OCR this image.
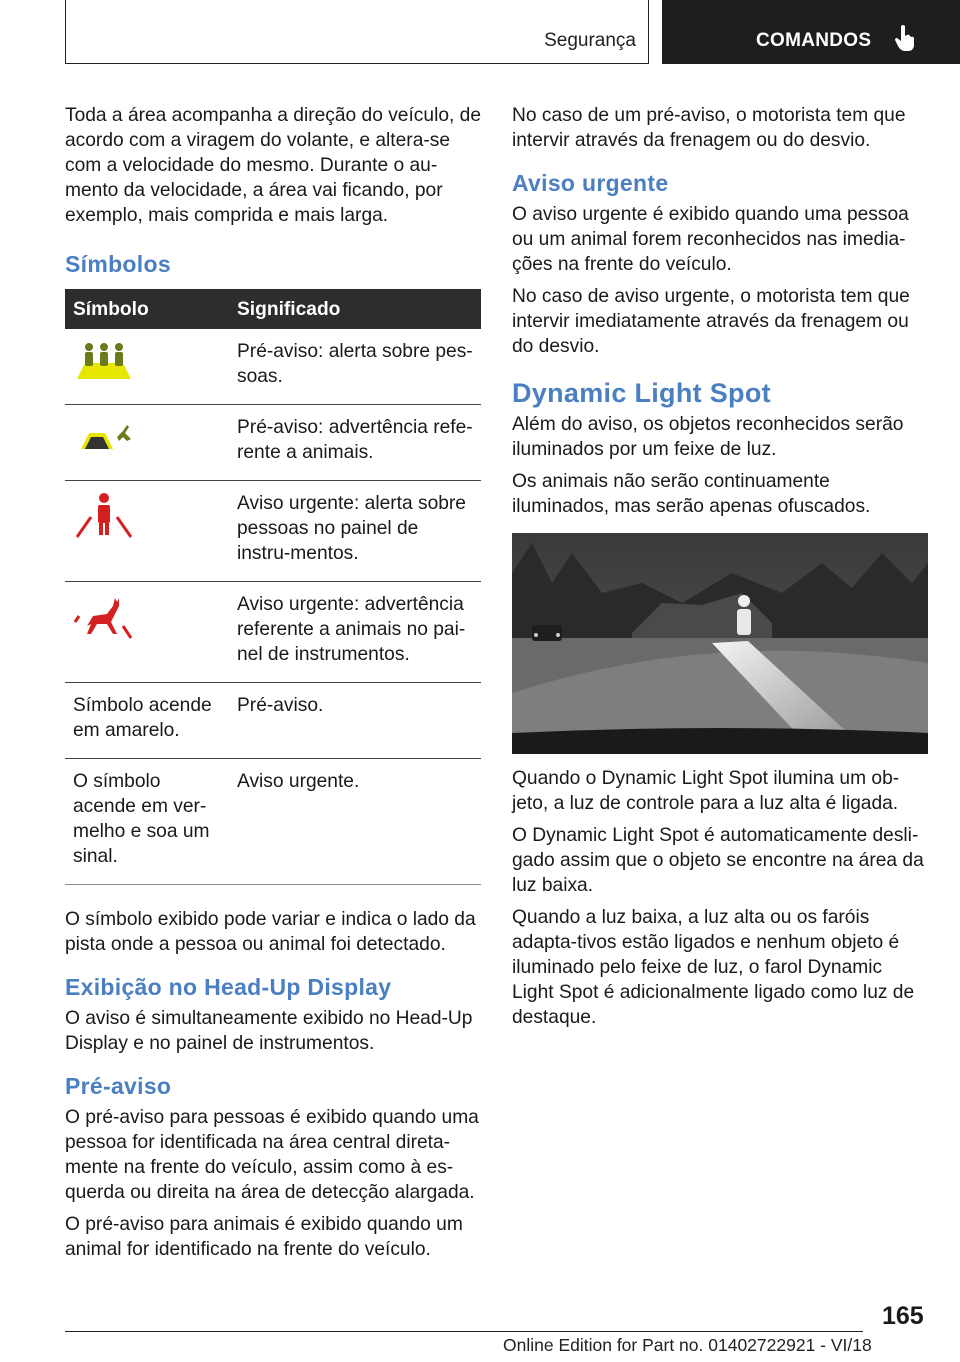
Segurança	COMANDOS

Toda a área acompanha a direção do veículo, de acordo com a viragem do volante, e altera-se com a velocidade do mesmo. Durante o au-mento da velocidade, a área vai ficando, por exemplo, mais comprida e mais larga.

Símbolos
Símbolo	Significado
	Pré-aviso: alerta sobre pes-soas.
	Pré-aviso: advertência refe-rente a animais.
	Aviso urgente: alerta sobre pessoas no painel de instru-mentos.
	Aviso urgente: advertência referente a animais no pai-nel de instrumentos.
Símbolo acende em amarelo.	Pré-aviso.
O símbolo acende em ver-melho e soa um sinal.	Aviso urgente.

O símbolo exibido pode variar e indica o lado da pista onde a pessoa ou animal foi detectado.

Exibição no Head-Up Display

O aviso é simultaneamente exibido no Head-Up Display e no painel de instrumentos.

Pré-aviso

O pré-aviso para pessoas é exibido quando uma pessoa for identificada na área central direta-mente na frente do veículo, assim como à es-querda ou direita na área de detecção alargada.

O pré-aviso para animais é exibido quando um animal for identificado na frente do veículo.

No caso de um pré-aviso, o motorista tem que intervir através da frenagem ou do desvio.

Aviso urgente

O aviso urgente é exibido quando uma pessoa ou um animal forem reconhecidos nas imedia-ções na frente do veículo.

No caso de aviso urgente, o motorista tem que intervir imediatamente através da frenagem ou do desvio.

Dynamic Light Spot

Além do aviso, os objetos reconhecidos serão iluminados por um feixe de luz.

Os animais não serão continuamente iluminados, mas serão apenas ofuscados.

Quando o Dynamic Light Spot ilumina um ob-jeto, a luz de controle para a luz alta é ligada.

O Dynamic Light Spot é automaticamente desli-gado assim que o objeto se encontre na área da luz baixa.

Quando a luz baixa, a luz alta ou os faróis adapta-tivos estão ligados e nenhum objeto é iluminado pelo feixe de luz, o farol Dynamic Light Spot é adicionalmente ligado como luz de destaque.

165
Online Edition for Part no. 01402722921 - VI/18
